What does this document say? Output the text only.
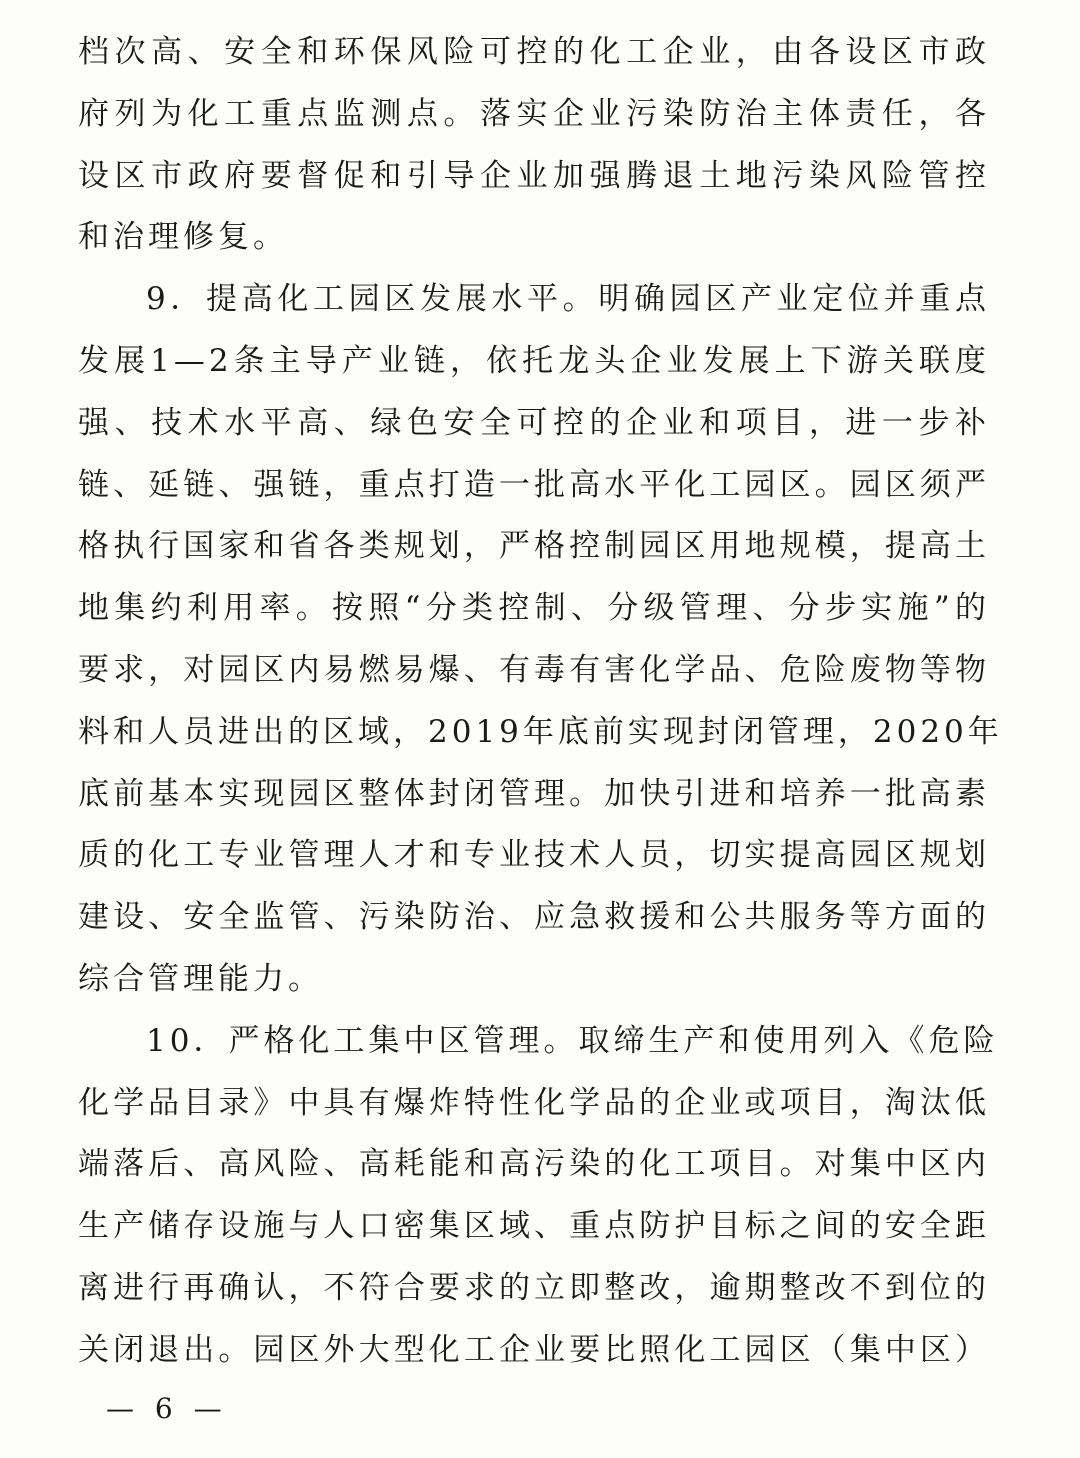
档次高、安全和环保风险可控的化工企业，由各设区市政
府列为化工重点监测点。落实企业污染防治主体责任，各
设区市政府要督促和引导企业加强腾退土地污染风险管控
和治理修复。
9．提高化工园区发展水平。明确园区产业定位并重点
发展1—2条主导产业链，依托龙头企业发展上下游关联度
强、技术水平高、绿色安全可控的企业和项目，进一步补
链、延链、强链，重点打造一批高水平化工园区。园区须严
格执行国家和省各类规划，严格控制园区用地规模，提高土
地集约利用率。按照“分类控制、分级管理、分步实施”的
要求，对园区内易燃易爆、有毒有害化学品、危险废物等物
料和人员进出的区域，2019年底前实现封闭管理，2020年
底前基本实现园区整体封闭管理。加快引进和培养一批高素
质的化工专业管理人才和专业技术人员，切实提高园区规划
建设、安全监管、污染防治、应急救援和公共服务等方面的
综合管理能力。
10．严格化工集中区管理。取缔生产和使用列入《危险
化学品目录》中具有爆炸特性化学品的企业或项目，淘汰低
端落后、高风险、高耗能和高污染的化工项目。对集中区内
生产储存设施与人口密集区域、重点防护目标之间的安全距
离进行再确认，不符合要求的立即整改，逾期整改不到位的
关闭退出。园区外大型化工企业要比照化工园区（集中区）
— 6 —
